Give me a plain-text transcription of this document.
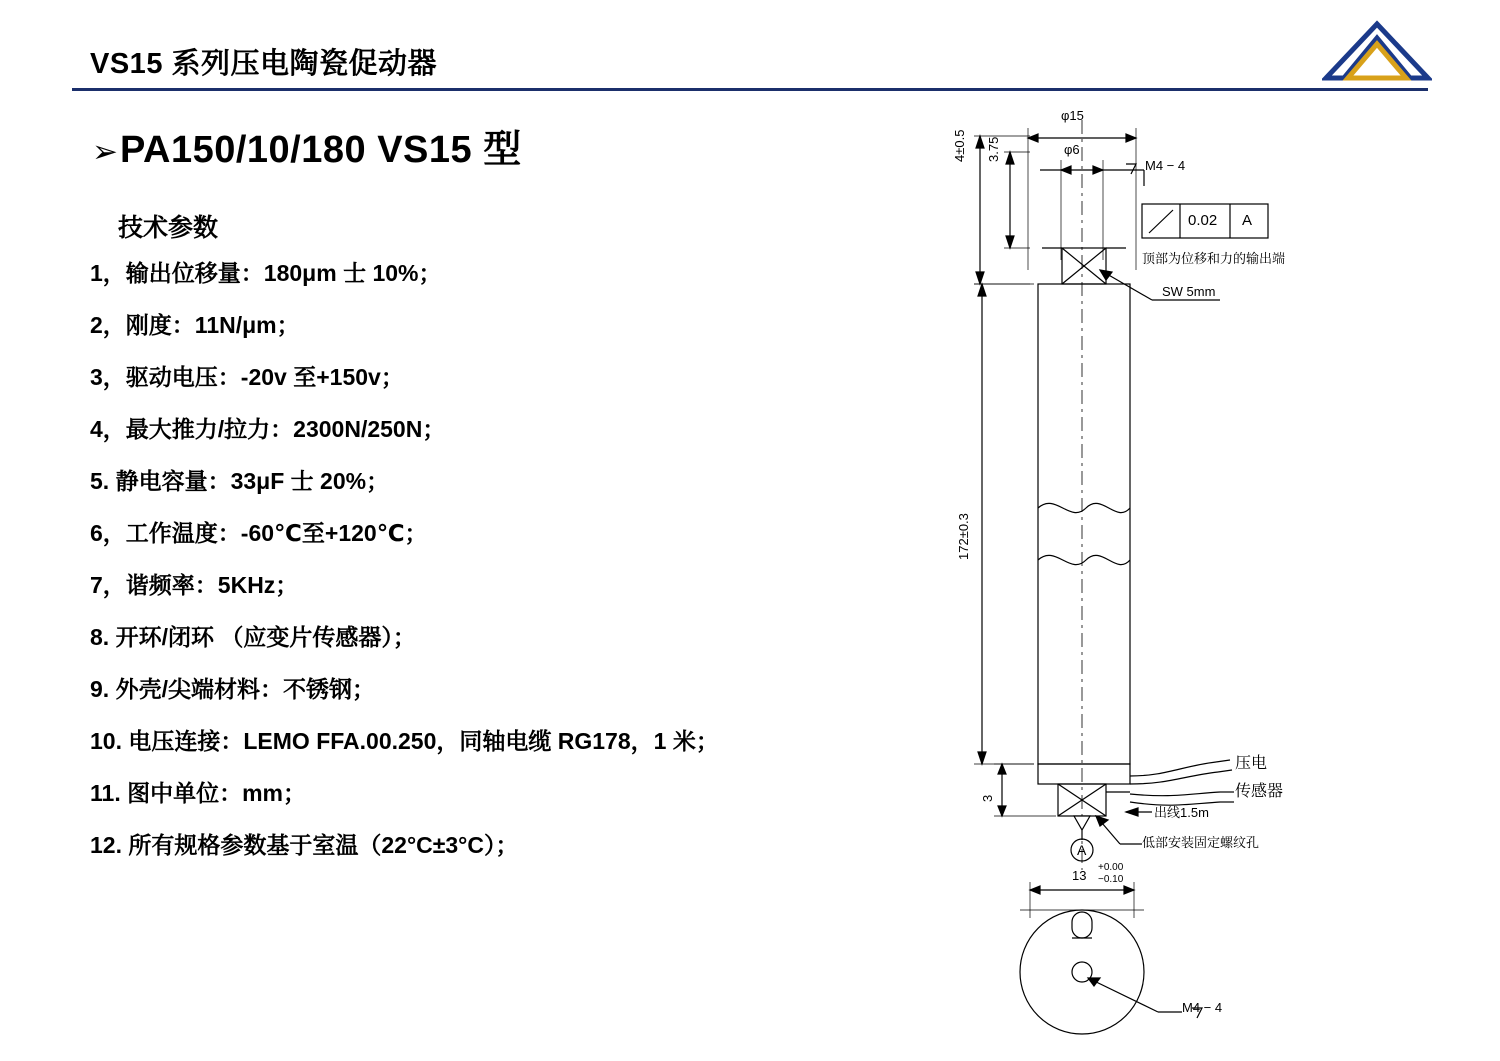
VS15 系列压电陶瓷促动器
➢ PA150/10/180 VS15 型
技术参数
1，输出位移量：180μm 士 10%；
2，刚度：11N/μm；
3，驱动电压：-20v 至+150v；
4，最大推力/拉力：2300N/250N；
5. 静电容量：33μF 士 20%；
6，工作温度：-60℃至+120℃；
7，谐频率：5KHz；
8. 开环/闭环 （应变片传感器）；
9. 外壳/尖端材料：不锈钢；
10. 电压连接：LEMO FFA.00.250，同轴电缆 RG178，1 米；
11. 图中单位：mm；
12. 所有规格参数基于室温（22°C±3°C）；
φ15
φ6
M4 − 4
0.02 A
顶部为位移和力的输出端
SW 5mm
4±0.5 3.75
172±0.3
3
A
压电
传感器
出线1.5m
低部安装固定螺纹孔
13
+0.00
−0.10
M4 − 4
